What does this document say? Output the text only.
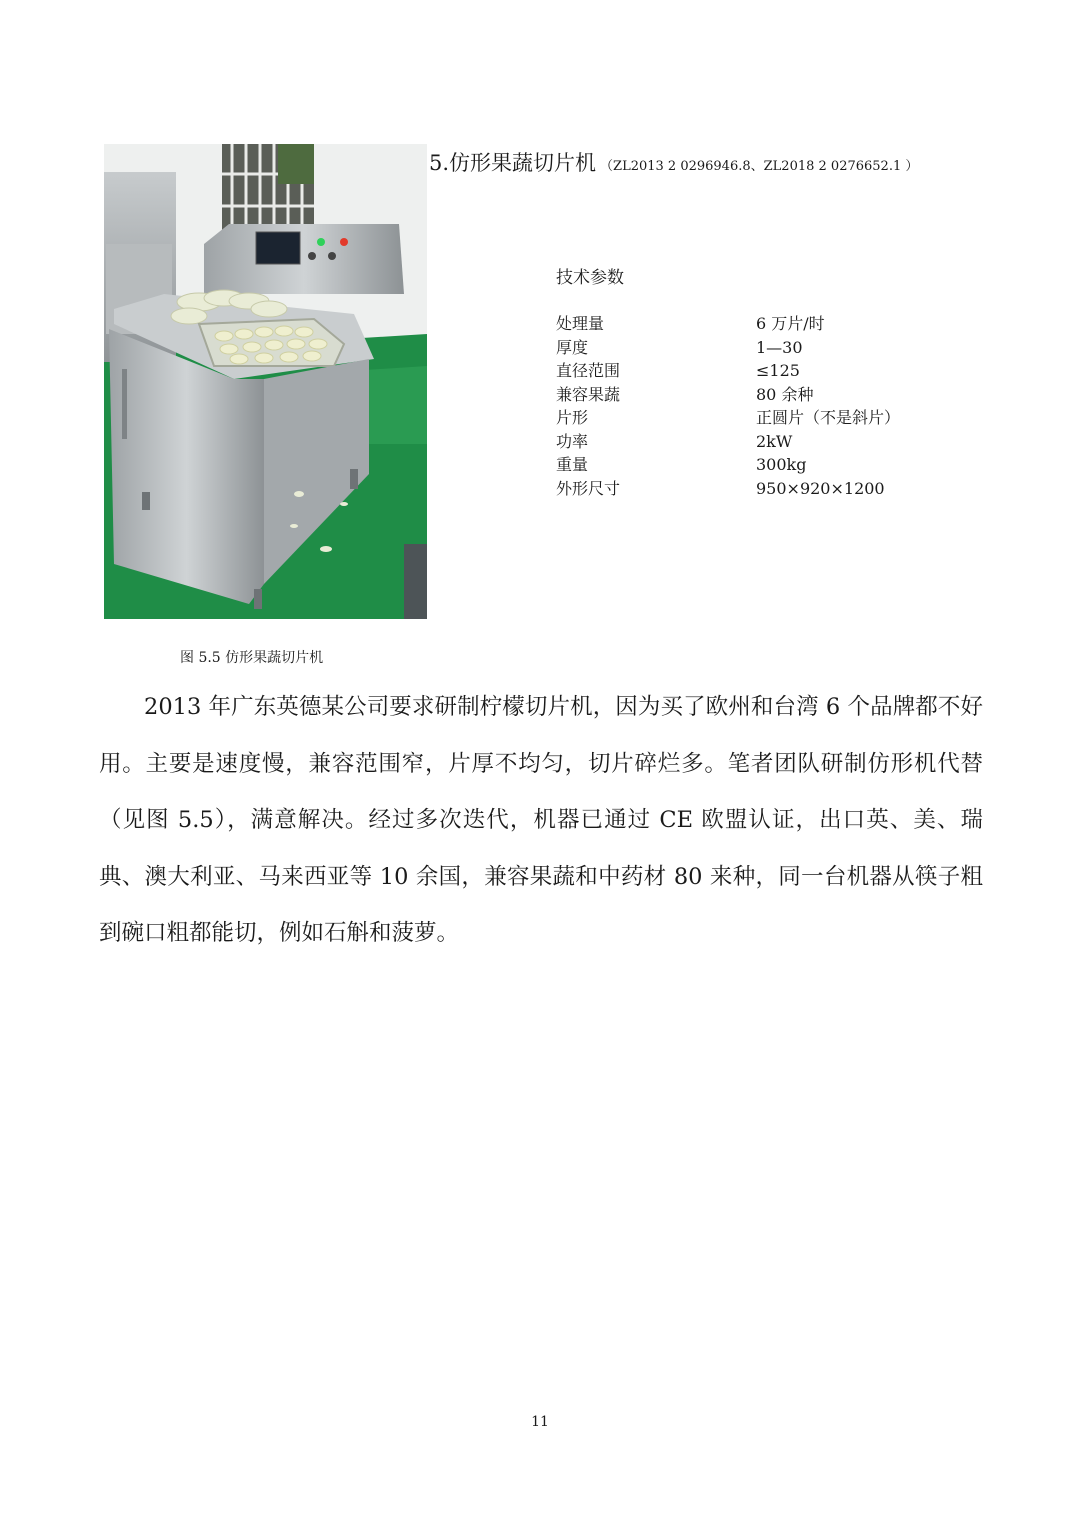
5.仿形果蔬切片机 （ZL2013 2 0296946.8、ZL2018 2 0276652.1 ）
技术参数
处理量	6 万片/时
厚度	1—30
直径范围	≤125
兼容果蔬	80 余种
片形	正圆片（不是斜片）
功率	2kW
重量	300kg
外形尺寸	950×920×1200
图 5.5 仿形果蔬切片机

2013 年广东英德某公司要求研制柠檬切片机，因为买了欧州和台湾 6 个品牌都不好用。主要是速度慢，兼容范围窄，片厚不均匀，切片碎烂多。笔者团队研制仿形机代替（见图 5.5），满意解决。经过多次迭代，机器已通过 CE 欧盟认证，出口英、美、瑞典、澳大利亚、马来西亚等 10 余国，兼容果蔬和中药材 80 来种，同一台机器从筷子粗到碗口粗都能切，例如石斛和菠萝。

11
